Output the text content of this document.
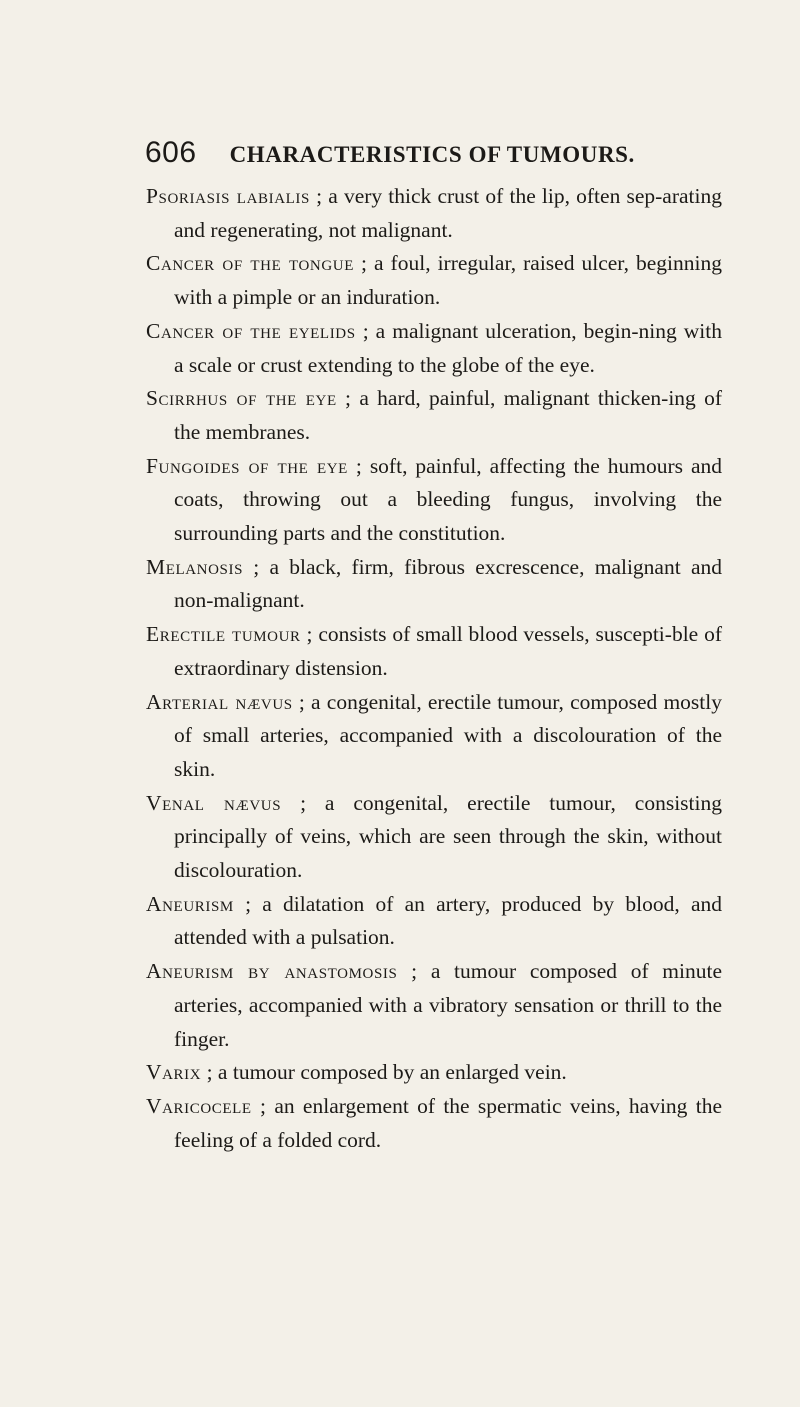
606 CHARACTERISTICS OF TUMOURS.

Psoriasis labialis ; a very thick crust of the lip, often sep-arating and regenerating, not malignant.

Cancer of the tongue ; a foul, irregular, raised ulcer, beginning with a pimple or an induration.

Cancer of the eyelids ; a malignant ulceration, begin-ning with a scale or crust extending to the globe of the eye.

Scirrhus of the eye ; a hard, painful, malignant thicken-ing of the membranes.

Fungoides of the eye ; soft, painful, affecting the humours and coats, throwing out a bleeding fungus, involving the surrounding parts and the constitution.

Melanosis ; a black, firm, fibrous excrescence, malignant and non-malignant.

Erectile tumour ; consists of small blood vessels, suscepti-ble of extraordinary distension.

Arterial nævus ; a congenital, erectile tumour, composed mostly of small arteries, accompanied with a discolouration of the skin.

Venal nævus ; a congenital, erectile tumour, consisting principally of veins, which are seen through the skin, without discolouration.

Aneurism ; a dilatation of an artery, produced by blood, and attended with a pulsation.

Aneurism by anastomosis ; a tumour composed of minute arteries, accompanied with a vibratory sensation or thrill to the finger.

Varix ; a tumour composed by an enlarged vein.

Varicocele ; an enlargement of the spermatic veins, having the feeling of a folded cord.
